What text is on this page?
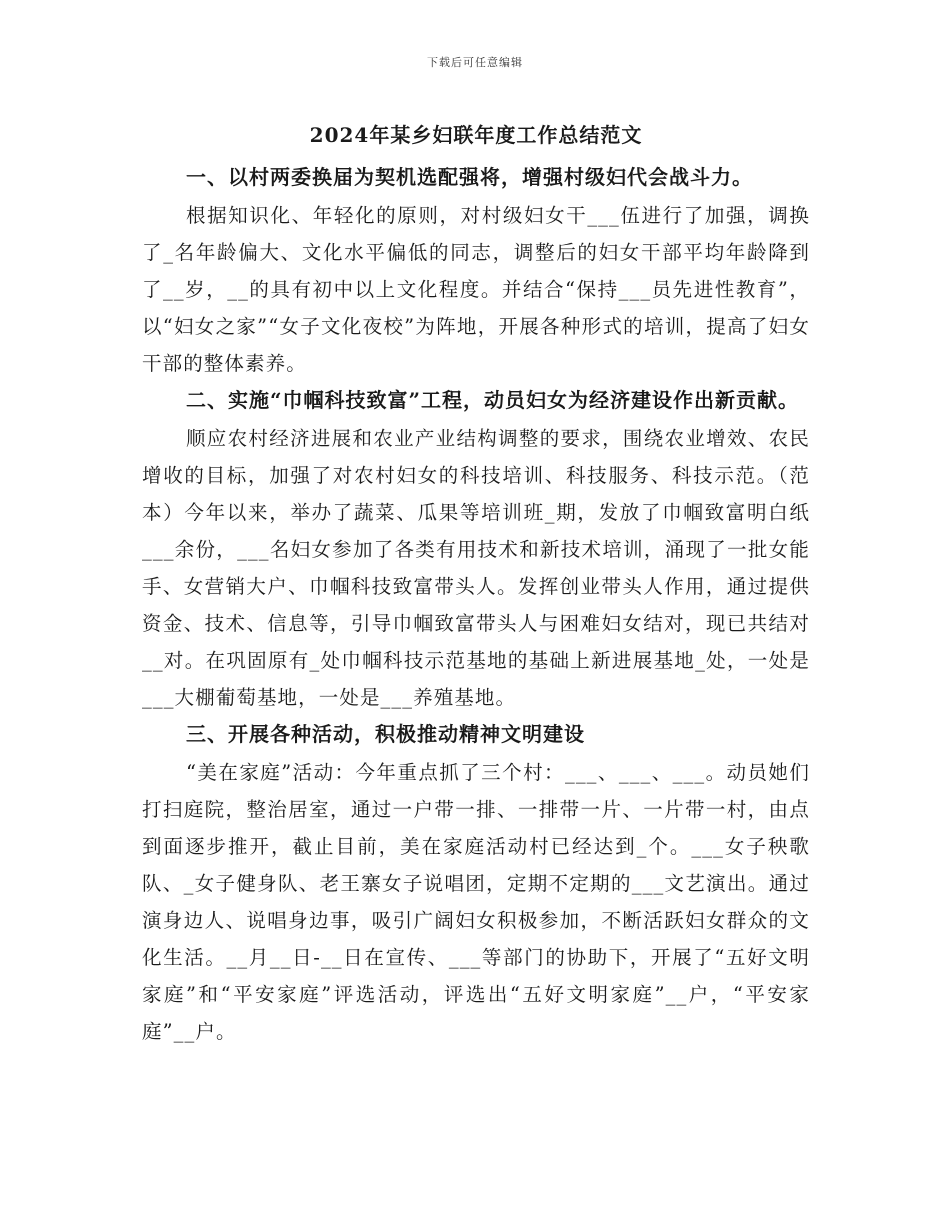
下载后可任意编辑
2024年某乡妇联年度工作总结范文

一、以村两委换届为契机选配强将，增强村级妇代会战斗力。

根据知识化、年轻化的原则，对村级妇女干___伍进行了加强，调换了_名年龄偏大、文化水平偏低的同志，调整后的妇女干部平均年龄降到了__岁，__的具有初中以上文化程度。并结合“保持___员先进性教育”，以“妇女之家”“女子文化夜校”为阵地，开展各种形式的培训，提高了妇女干部的整体素养。

二、实施“巾帼科技致富”工程，动员妇女为经济建设作出新贡献。

顺应农村经济进展和农业产业结构调整的要求，围绕农业增效、农民增收的目标，加强了对农村妇女的科技培训、科技服务、科技示范。（范本）今年以来，举办了蔬菜、瓜果等培训班_期，发放了巾帼致富明白纸___余份，___名妇女参加了各类有用技术和新技术培训，涌现了一批女能手、女营销大户、巾帼科技致富带头人。发挥创业带头人作用，通过提供资金、技术、信息等，引导巾帼致富带头人与困难妇女结对，现已共结对__对。在巩固原有_处巾帼科技示范基地的基础上新进展基地_处，一处是___大棚葡萄基地，一处是___养殖基地。

三、开展各种活动，积极推动精神文明建设

“美在家庭”活动：今年重点抓了三个村：___、___、___。动员她们打扫庭院，整治居室，通过一户带一排、一排带一片、一片带一村，由点到面逐步推开，截止目前，美在家庭活动村已经达到_个。___女子秧歌队、_女子健身队、老王寨女子说唱团，定期不定期的___文艺演出。通过演身边人、说唱身边事，吸引广阔妇女积极参加，不断活跃妇女群众的文化生活。__月__日-__日在宣传、___等部门的协助下，开展了“五好文明家庭”和“平安家庭”评选活动，评选出“五好文明家庭”__户，“平安家庭”__户。
